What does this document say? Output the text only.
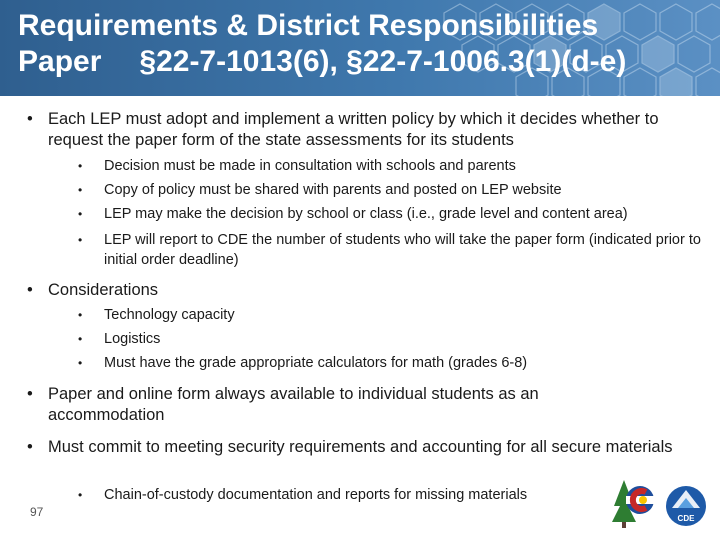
Requirements & District Responsibilities
Paper §22-7-1013(6), §22-7-1006.3(1)(d-e)
• Each LEP must adopt and implement a written policy by which it decides whether to request the paper form of the state assessments for its students
• Decision must be made in consultation with schools and parents
• Copy of policy must be shared with parents and posted on LEP website
• LEP may make the decision by school or class (i.e., grade level and content area)
• LEP will report to CDE the number of students who will take the paper form (indicated prior to initial order deadline)
• Considerations
• Technology capacity
• Logistics
• Must have the grade appropriate calculators for math (grades 6-8)
• Paper and online form always available to individual students as an accommodation
• Must commit to meeting security requirements and accounting for all secure materials
• Chain-of-custody documentation and reports for missing materials
97	CDE
